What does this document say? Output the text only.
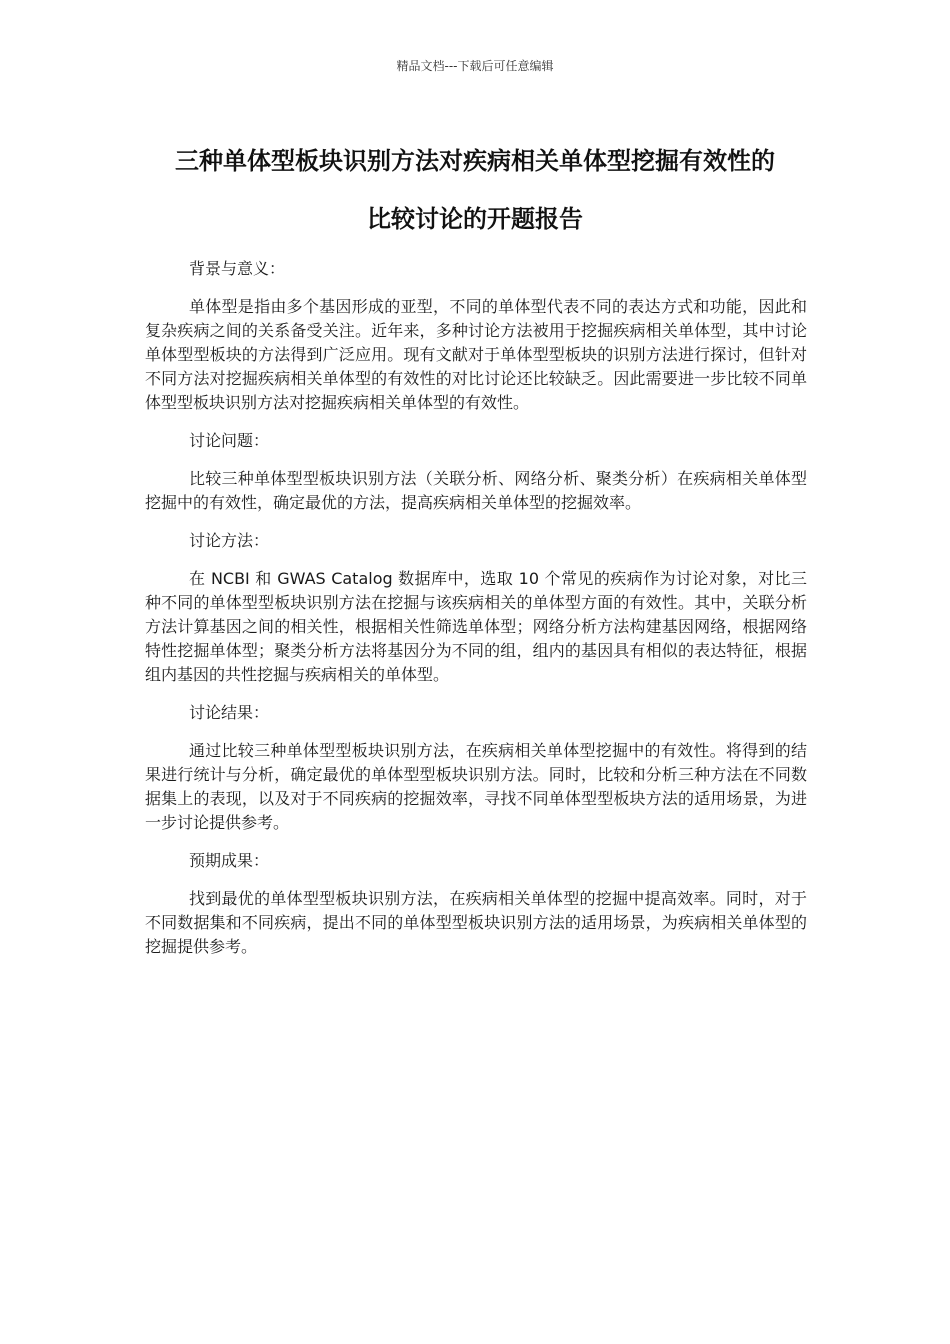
精品文档---下载后可任意编辑
三种单体型板块识别方法对疾病相关单体型挖掘有效性的
比较讨论的开题报告

背景与意义：

单体型是指由多个基因形成的亚型，不同的单体型代表不同的表达方式和功能，因此和复杂疾病之间的关系备受关注。近年来，多种讨论方法被用于挖掘疾病相关单体型，其中讨论单体型型板块的方法得到广泛应用。现有文献对于单体型型板块的识别方法进行探讨，但针对不同方法对挖掘疾病相关单体型的有效性的对比讨论还比较缺乏。因此需要进一步比较不同单体型型板块识别方法对挖掘疾病相关单体型的有效性。

讨论问题：

比较三种单体型型板块识别方法（关联分析、网络分析、聚类分析）在疾病相关单体型挖掘中的有效性，确定最优的方法，提高疾病相关单体型的挖掘效率。

讨论方法：

在 NCBI 和 GWAS Catalog 数据库中，选取 10 个常见的疾病作为讨论对象，对比三种不同的单体型型板块识别方法在挖掘与该疾病相关的单体型方面的有效性。其中，关联分析方法计算基因之间的相关性，根据相关性筛选单体型；网络分析方法构建基因网络，根据网络特性挖掘单体型；聚类分析方法将基因分为不同的组，组内的基因具有相似的表达特征，根据组内基因的共性挖掘与疾病相关的单体型。

讨论结果：

通过比较三种单体型型板块识别方法，在疾病相关单体型挖掘中的有效性。将得到的结果进行统计与分析，确定最优的单体型型板块识别方法。同时，比较和分析三种方法在不同数据集上的表现，以及对于不同疾病的挖掘效率，寻找不同单体型型板块方法的适用场景，为进一步讨论提供参考。

预期成果：

找到最优的单体型型板块识别方法，在疾病相关单体型的挖掘中提高效率。同时，对于不同数据集和不同疾病，提出不同的单体型型板块识别方法的适用场景，为疾病相关单体型的挖掘提供参考。
